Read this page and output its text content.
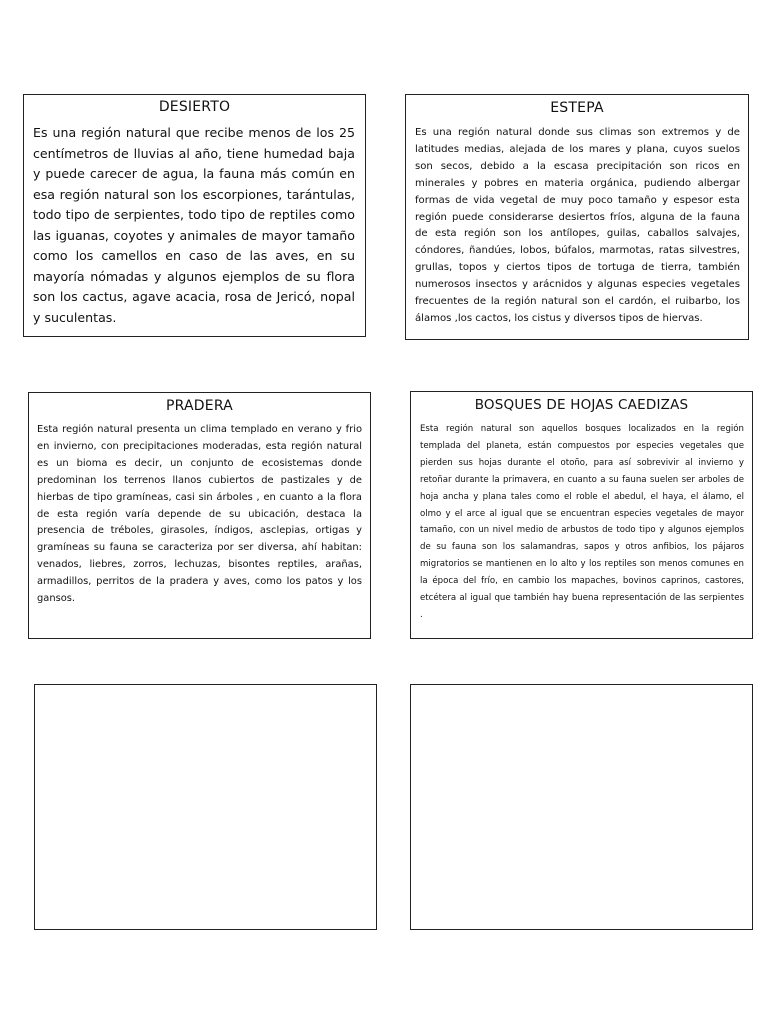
DESIERTO

Es una región natural que recibe menos de los 25 centímetros de lluvias al año, tiene humedad baja y puede carecer de agua, la fauna más común en esa región natural son los escorpiones, tarántulas, todo tipo de serpientes, todo tipo de reptiles como las iguanas, coyotes y animales de mayor tamaño como los camellos en caso de las aves, en su mayoría nómadas y algunos ejemplos de su flora son los cactus, agave acacia, rosa de Jericó, nopal y suculentas.

ESTEPA

Es una región natural donde sus climas son extremos y de latitudes medias, alejada de los mares y plana, cuyos suelos son secos, debido a la escasa precipitación son ricos en minerales y pobres en materia orgánica, pudiendo albergar formas de vida vegetal de muy poco tamaño y espesor esta región puede considerarse desiertos fríos, alguna de la fauna de esta región son los antílopes, guilas, caballos salvajes, cóndores, ñandúes, lobos, búfalos, marmotas, ratas silvestres, grullas, topos y ciertos tipos de tortuga de tierra, también numerosos insectos y arácnidos y algunas especies vegetales frecuentes de la región natural son el cardón, el ruibarbo, los álamos ,los cactos, los cistus y diversos tipos de hiervas.

PRADERA

Esta región natural presenta un clima templado en verano y frio en invierno, con precipitaciones moderadas, esta región natural es un bioma es decir, un conjunto de ecosistemas donde predominan los terrenos llanos cubiertos de pastizales y de hierbas de tipo gramíneas, casi sin árboles , en cuanto a la flora de esta región varía depende de su ubicación, destaca la presencia de tréboles, girasoles, índigos, asclepias, ortigas y gramíneas su fauna se caracteriza por ser diversa, ahí habitan: venados, liebres, zorros, lechuzas, bisontes reptiles, arañas, armadillos, perritos de la pradera y aves, como los patos y los gansos.

BOSQUES DE HOJAS CAEDIZAS

Esta región natural son aquellos bosques localizados en la región templada del planeta, están compuestos por especies vegetales que pierden sus hojas durante el otoño, para así sobrevivir al invierno y retoñar durante la primavera, en cuanto a su fauna suelen ser arboles de hoja ancha y plana tales como el roble el abedul, el haya, el álamo, el olmo y el arce al igual que se encuentran especies vegetales de mayor tamaño, con un nivel medio de arbustos de todo tipo y algunos ejemplos de su fauna son los salamandras, sapos y otros anfibios, los pájaros migratorios se mantienen en lo alto y los reptiles son menos comunes en la época del frío, en cambio los mapaches, bovinos caprinos, castores, etcétera al igual que también hay buena representación de las serpientes .
